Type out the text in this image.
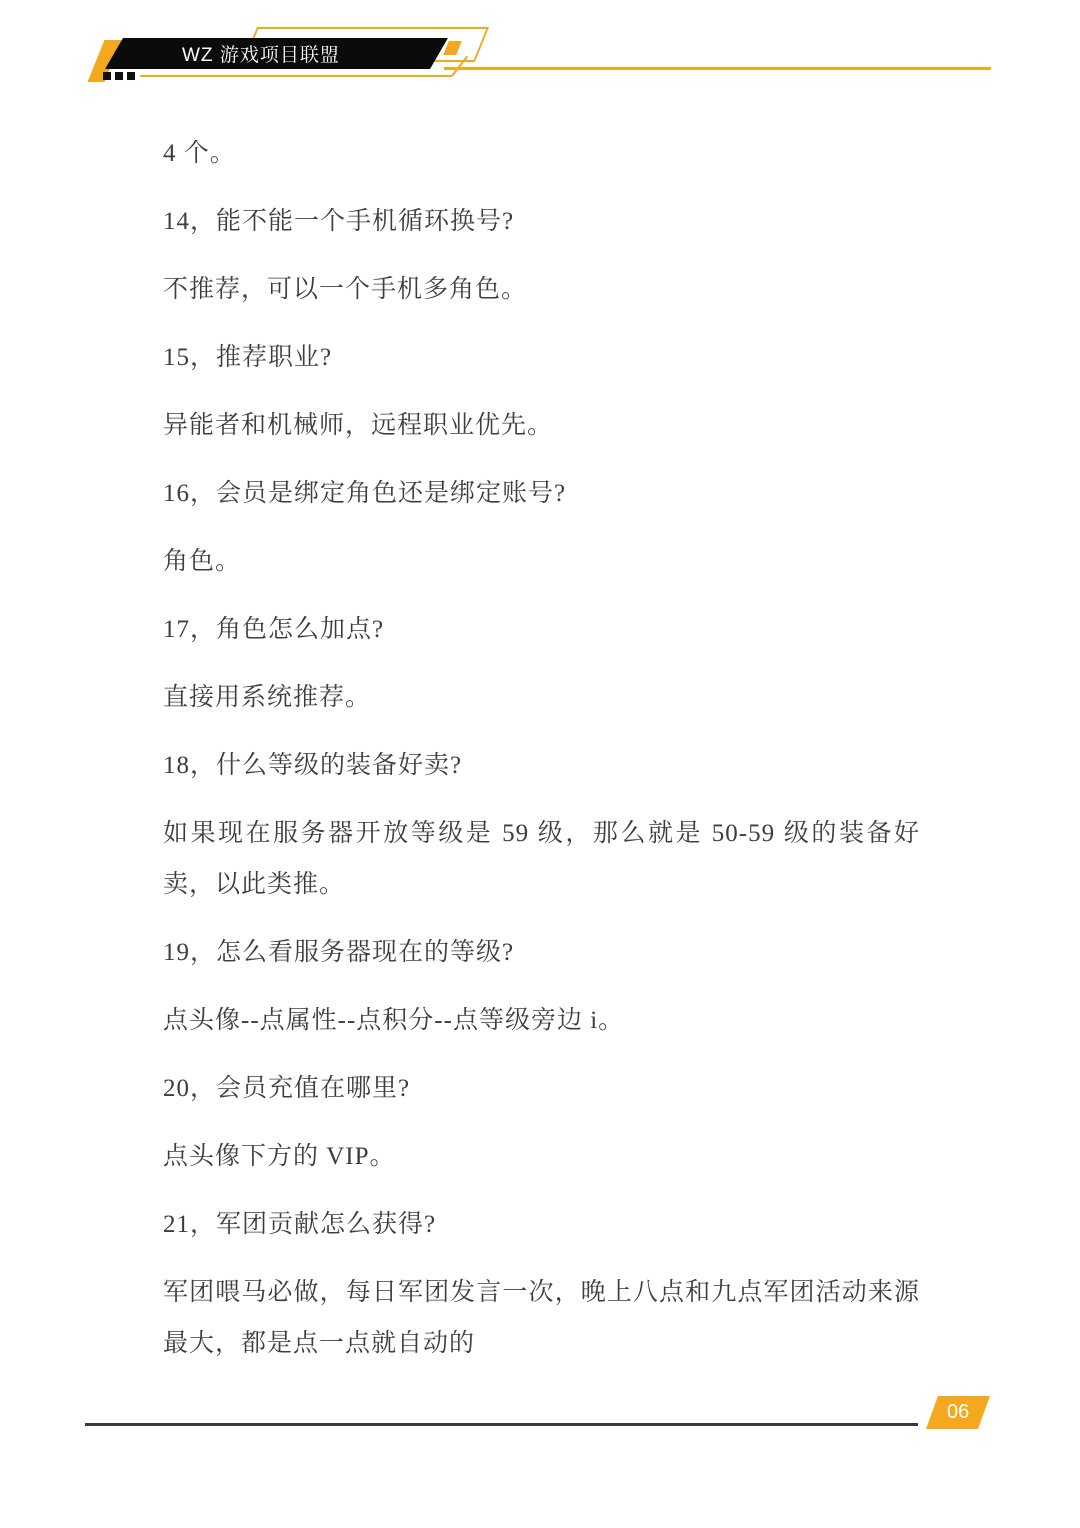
WZ 游戏项目联盟

4 个。

14，能不能一个手机循环换号?

不推荐，可以一个手机多角色。

15，推荐职业?

异能者和机械师，远程职业优先。

16，会员是绑定角色还是绑定账号?

角色。

17，角色怎么加点?

直接用系统推荐。

18，什么等级的装备好卖?

如果现在服务器开放等级是 59 级，那么就是 50-59 级的装备好卖，以此类推。

19，怎么看服务器现在的等级?

点头像--点属性--点积分--点等级旁边 i。

20，会员充值在哪里?

点头像下方的 VIP。

21，军团贡献怎么获得?

军团喂马必做，每日军团发言一次，晚上八点和九点军团活动来源最大，都是点一点就自动的

06
